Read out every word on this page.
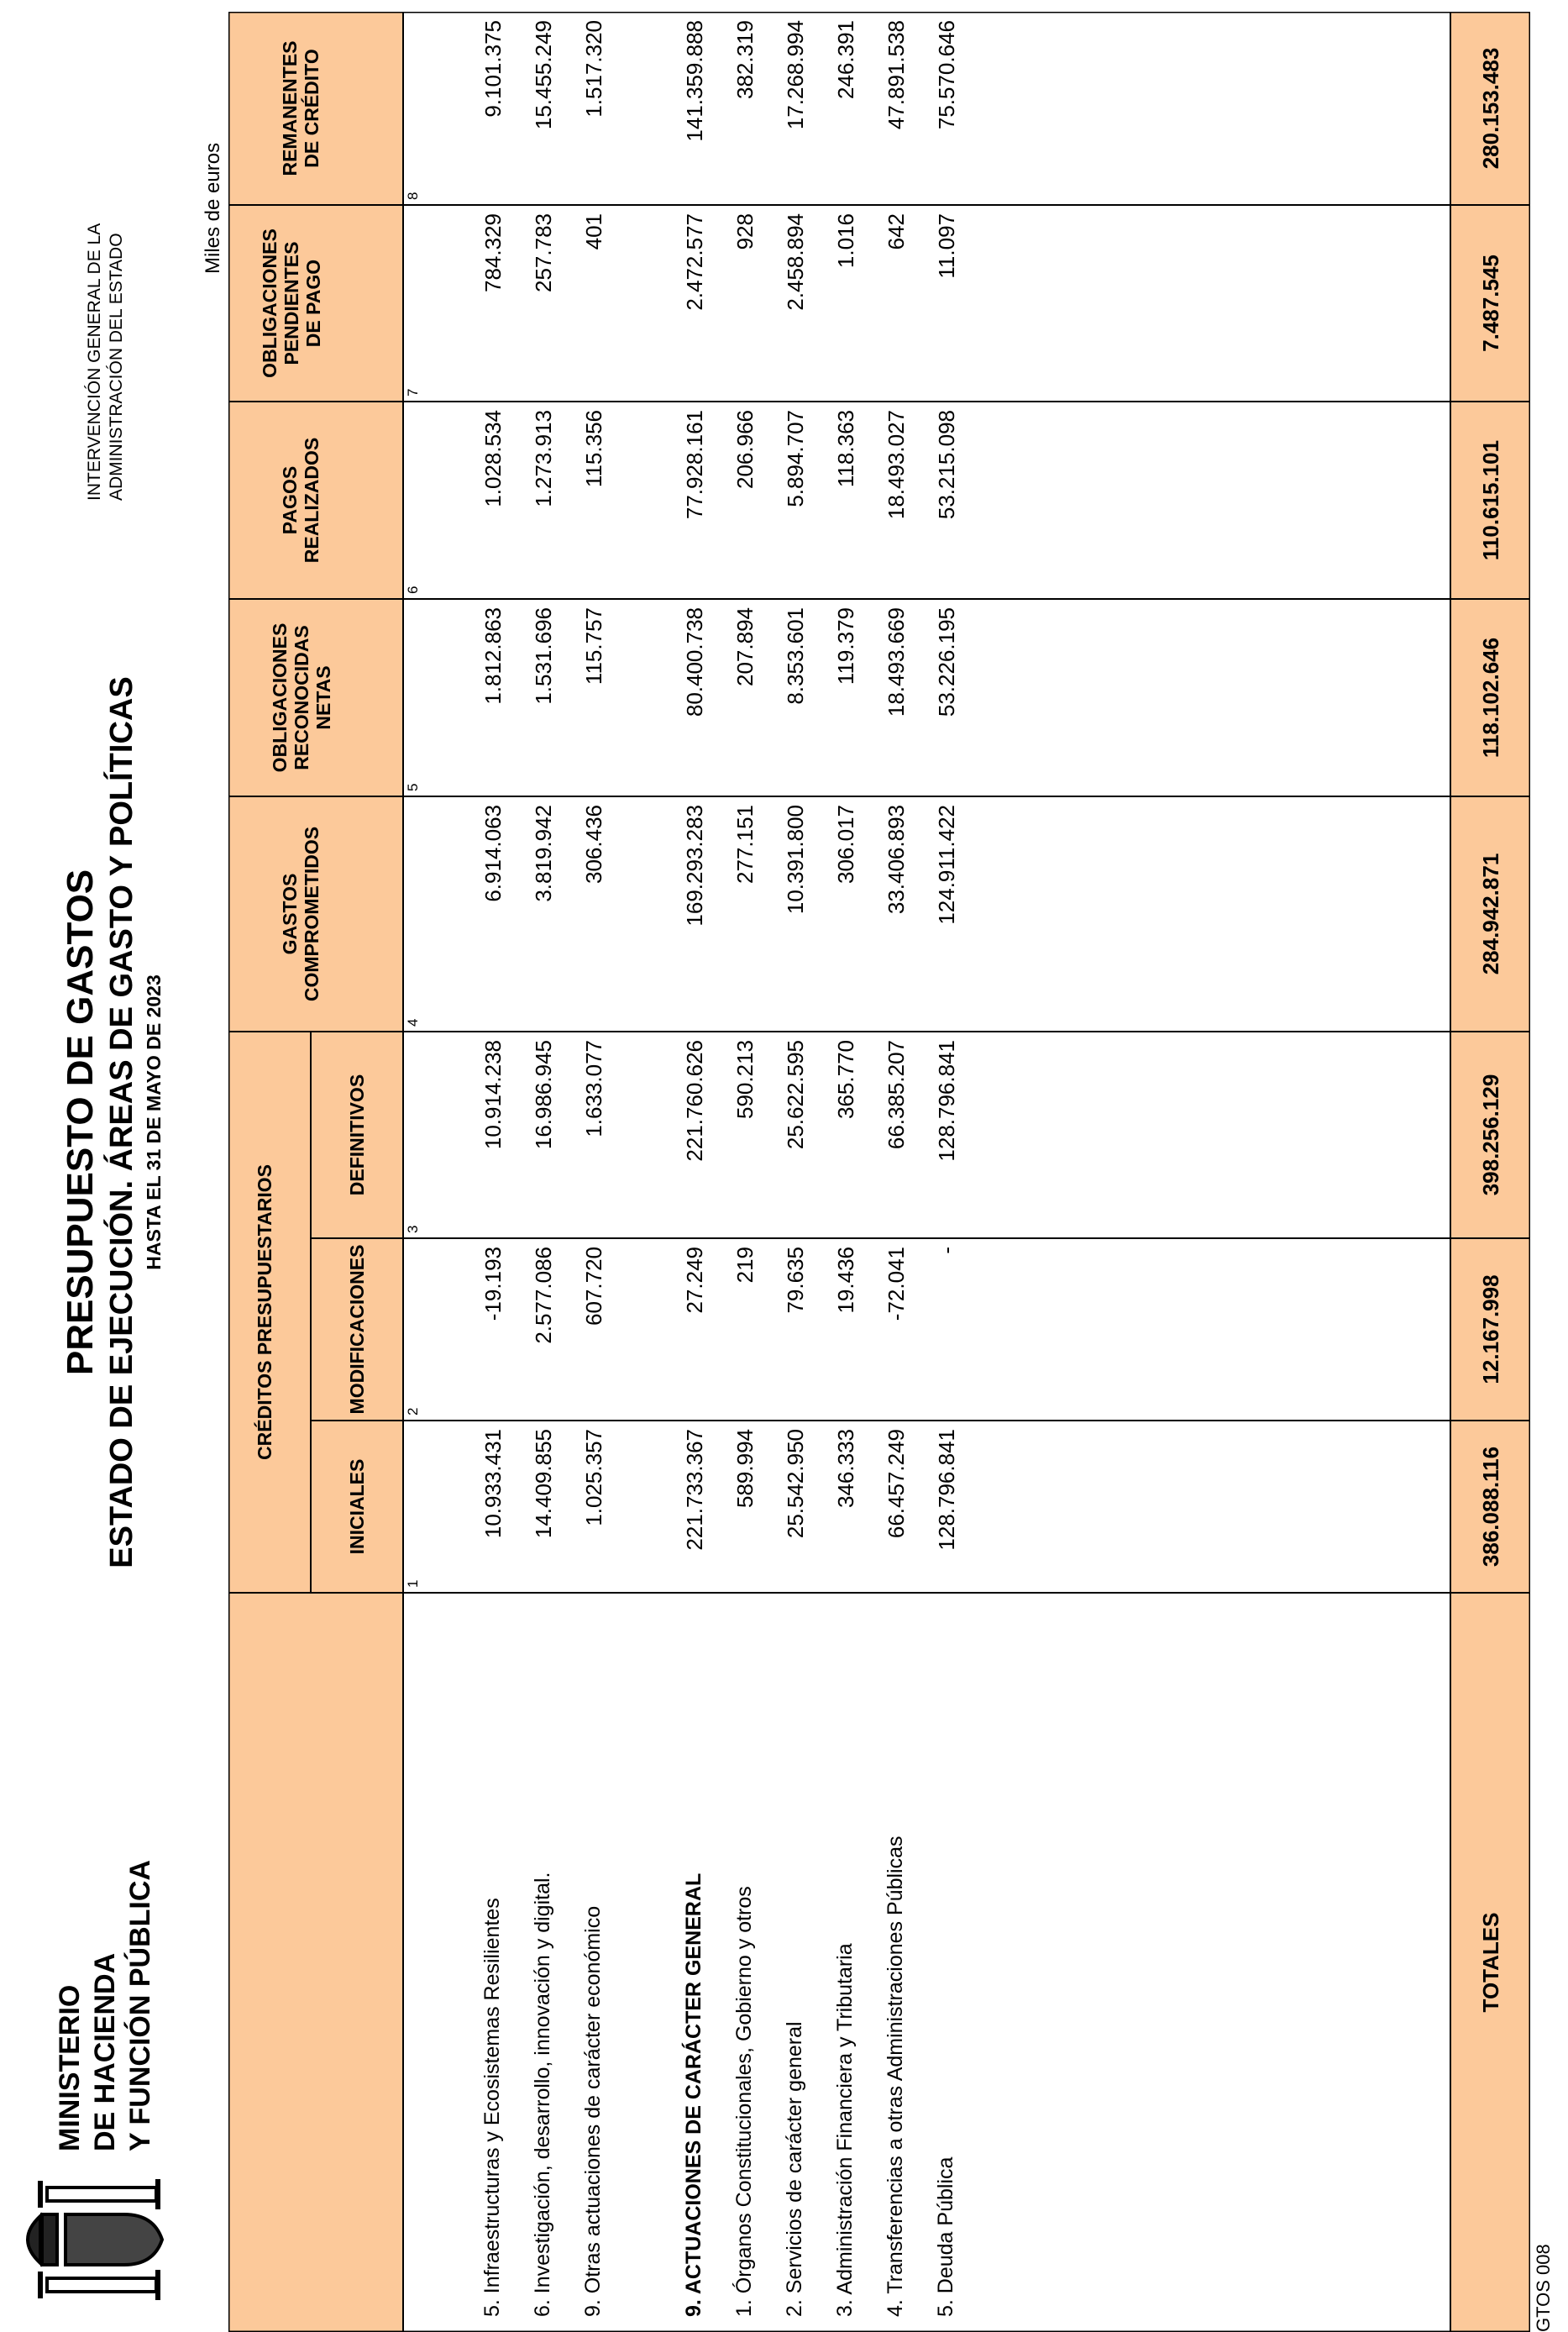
MINISTERIO DE HACIENDA Y FUNCIÓN PÚBLICA
PRESUPUESTO DE GASTOS ESTADO DE EJECUCIÓN. ÁREAS DE GASTO Y POLÍTICAS HASTA EL 31 DE MAYO DE 2023
INTERVENCIÓN GENERAL DE LA ADMINISTRACIÓN DEL ESTADO
Miles de euros
GTOS 008
CRÉDITOS PRESUPUESTARIOS
INICIALES
MODIFICACIONES
DEFINITIVOS
GASTOS COMPROMETIDOS
OBLIGACIONES RECONOCIDAS NETAS
PAGOS REALIZADOS
OBLIGACIONES PENDIENTES DE PAGO
REMANENTES DE CRÉDITO
1
2
3
4
5
6
7
8
5. Infraestructuras y Ecosistemas Resilientes
10.933.431
-19.193
10.914.238
6.914.063
1.812.863
1.028.534
784.329
9.101.375
6. Investigación, desarrollo, innovación y digital.
14.409.855
2.577.086
16.986.945
3.819.942
1.531.696
1.273.913
257.783
15.455.249
9. Otras actuaciones de carácter económico
1.025.357
607.720
1.633.077
306.436
115.757
115.356
401
1.517.320
9. ACTUACIONES DE CARÁCTER GENERAL
221.733.367
27.249
221.760.626
169.293.283
80.400.738
77.928.161
2.472.577
141.359.888
1. Órganos Constitucionales, Gobierno y otros
589.994
219
590.213
277.151
207.894
206.966
928
382.319
2. Servicios de carácter general
25.542.950
79.635
25.622.595
10.391.800
8.353.601
5.894.707
2.458.894
17.268.994
3. Administración Financiera y Tributaria
346.333
19.436
365.770
306.017
119.379
118.363
1.016
246.391
4. Transferencias a otras Administraciones Públicas
66.457.249
-72.041
66.385.207
33.406.893
18.493.669
18.493.027
642
47.891.538
5. Deuda Pública
128.796.841
-
128.796.841
124.911.422
53.226.195
53.215.098
11.097
75.570.646
TOTALES
386.088.116
12.167.998
398.256.129
284.942.871
118.102.646
110.615.101
7.487.545
280.153.483
